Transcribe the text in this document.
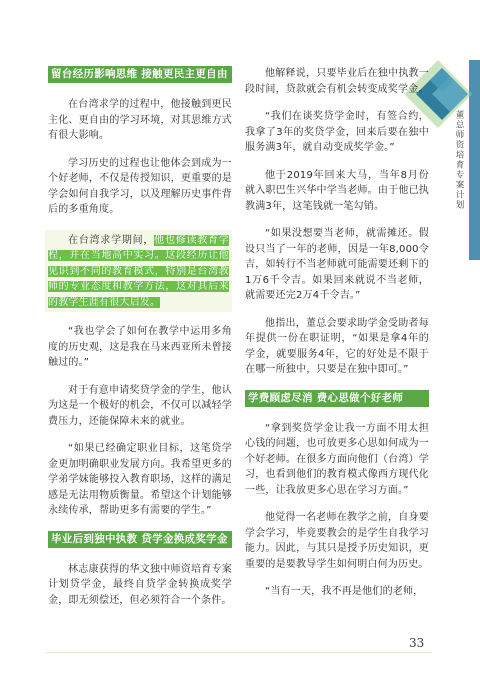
董总师资培育专案计划
留台经历影响思维 接触更民主更自由

在台湾求学的过程中，他接触到更民主化、更自由的学习环境，对其思维方式有很大影响。

学习历史的过程也让他体会到成为一个好老师，不仅是传授知识，更重要的是学会如何自我学习，以及理解历史事件背后的多重角度。

在台湾求学期间，他也修读教育学程，并在当地高中实习。这段经历让他见识到不同的教育模式，特别是台湾教师的专业态度和教学方法，这对其后来的教学生涯有很大启发。

“我也学会了如何在教学中运用多角度的历史观，这是我在马来西亚所未曾接触过的。”

对于有意申请奖贷学金的学生，他认为这是一个极好的机会，不仅可以减轻学费压力，还能保障未来的就业。

“如果已经确定职业目标，这笔贷学金更加明确职业发展方向。我希望更多的学弟学妹能够投入教育职场，这样的满足感是无法用物质衡量。希望这个计划能够永续传承，帮助更多有需要的学生。”

毕业后到独中执教 贷学金换成奖学金

林志康获得的华文独中师资培育专案计划贷学金，最终自贷学金转换成奖学金，即无须偿还，但必须符合一个条件。

他解释说，只要毕业后在独中执教一段时间，贷款就会有机会转变成奖学金。

“我们在谈奖贷学金时，有签合约，我拿了3年的奖贷学金，回来后要在独中服务满3年，就自动变成奖学金。”

他于2019年回来大马，当年8月份就入职巴生兴华中学当老师。由于他已执教满3年，这笔钱就一笔勾销。

“如果没想要当老师，就需摊还。假设只当了一年的老师，因是一年8,000令吉，如转行不当老师就可能需要还剩下的1万6千令吉。如果回来就说不当老师，就需要还完2万4千令吉。”

他指出，董总会要求助学金受助者每年提供一份在职证明，“如果是拿4年的学金，就要服务4年，它的好处是不限于在哪一所独中，只要是在独中即可。”

学费顾虑尽消 费心思做个好老师

“拿到奖贷学金让我一方面不用太担心钱的问题，也可放更多心思如何成为一个好老师。在很多方面向他们（台湾）学习，也看到他们的教育模式像西方现代化一些，让我放更多心思在学习方面。”

他觉得一名老师在教学之前，自身要学会学习，毕竟要教会的是学生自我学习能力。因此，与其只是授予历史知识，更重要的是要教导学生如何明白何为历史。

“当有一天，我不再是他们的老师，

33
